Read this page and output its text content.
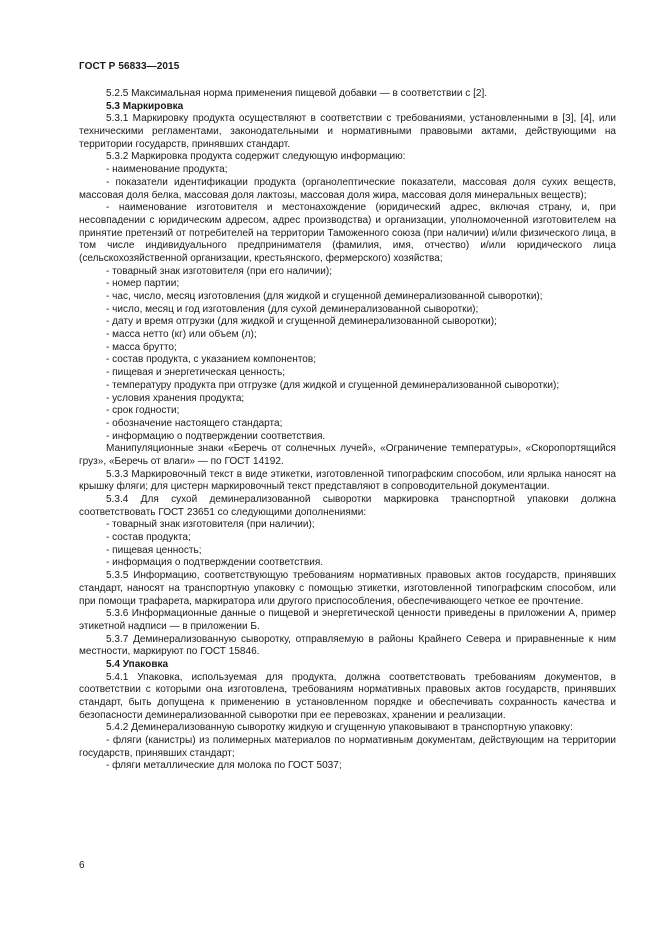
ГОСТ Р 56833—2015

5.2.5 Максимальная норма применения пищевой добавки — в соответствии с [2].

5.3 Маркировка

5.3.1 Маркировку продукта осуществляют в соответствии с требованиями, установленными в [3], [4], или техническими регламентами, законодательными и нормативными правовыми актами, действующими на территории государств, принявших стандарт.

5.3.2 Маркировка продукта содержит следующую информацию:

- наименование продукта;

- показатели идентификации продукта (органолептические показатели, массовая доля сухих веществ, массовая доля белка, массовая доля лактозы, массовая доля жира, массовая доля минеральных веществ);

- наименование изготовителя и местонахождение (юридический адрес, включая страну, и, при несовпадении с юридическим адресом, адрес производства) и организации, уполномоченной изготовителем на принятие претензий от потребителей на территории Таможенного союза (при наличии) и/или физического лица, в том числе индивидуального предпринимателя (фамилия, имя, отчество) и/или юридического лица (сельскохозяйственной организации, крестьянского, фермерского) хозяйства;

- товарный знак изготовителя (при его наличии);

- номер партии;

- час, число, месяц изготовления (для жидкой и сгущенной деминерализованной сыворотки);

- число, месяц и год изготовления (для сухой деминерализованной сыворотки);

- дату и время отгрузки (для жидкой и сгущенной деминерализованной сыворотки);

- масса нетто (кг) или объем (л);

- масса брутто;

- состав продукта, с указанием компонентов;

- пищевая и энергетическая ценность;

- температуру продукта при отгрузке (для жидкой и сгущенной деминерализованной сыворотки);

- условия хранения продукта;

- срок годности;

- обозначение настоящего стандарта;

- информацию о подтверждении соответствия.

Манипуляционные знаки «Беречь от солнечных лучей», «Ограничение температуры», «Скоропортящийся груз», «Беречь от влаги» — по ГОСТ 14192.

5.3.3 Маркировочный текст в виде этикетки, изготовленной типографским способом, или ярлыка наносят на крышку фляги; для цистерн маркировочный текст представляют в сопроводительной документации.

5.3.4 Для сухой деминерализованной сыворотки маркировка транспортной упаковки должна соответствовать ГОСТ 23651 со следующими дополнениями:

- товарный знак изготовителя (при наличии);

- состав продукта;

- пищевая ценность;

- информация о подтверждении соответствия.

5.3.5 Информацию, соответствующую требованиям нормативных правовых актов государств, принявших стандарт, наносят на транспортную упаковку с помощью этикетки, изготовленной типографским способом, или при помощи трафарета, маркиратора или другого приспособления, обеспечивающего четкое ее прочтение.

5.3.6 Информационные данные о пищевой и энергетической ценности приведены в приложении А, пример этикетной надписи — в приложении Б.

5.3.7 Деминерализованную сыворотку, отправляемую в районы Крайнего Севера и приравненные к ним местности, маркируют по ГОСТ 15846.

5.4 Упаковка

5.4.1 Упаковка, используемая для продукта, должна соответствовать требованиям документов, в соответствии с которыми она изготовлена, требованиям нормативных правовых актов государств, принявших стандарт, быть допущена к применению в установленном порядке и обеспечивать сохранность качества и безопасности деминерализованной сыворотки при ее перевозках, хранении и реализации.

5.4.2 Деминерализованную сыворотку жидкую и сгущенную упаковывают в транспортную упаковку:

- фляги (канистры) из полимерных материалов по нормативным документам, действующим на территории государств, принявших стандарт;

- фляги металлические для молока по ГОСТ 5037;

6
